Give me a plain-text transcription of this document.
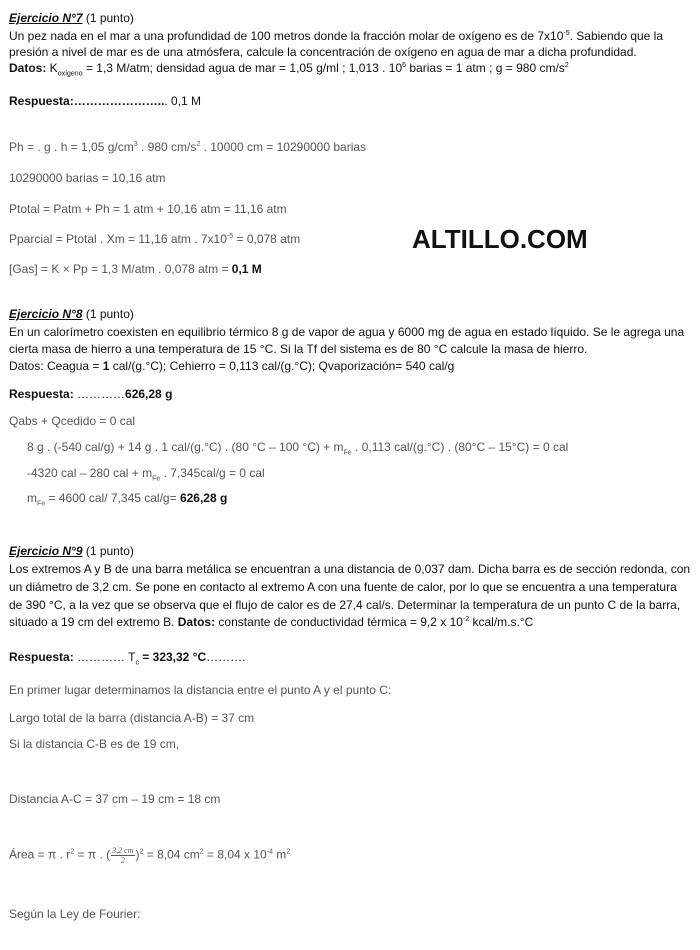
ALTILLO.COM
Ejercicio N°7 (1 punto)
Un pez nada en el mar a una profundidad de 100 metros donde la fracción molar de oxígeno es de $7x10^{-5}$. Sabiendo que la
presión a nivel de mar es de una atmósfera, calcule la concentración de oxígeno en agua de mar a dicha profundidad.
Datos: $K_{oxígeno} = 1,3$ M/atm; densidad agua de mar = 1,05 g/ml ; 1,013 . $10^6$ barias = 1 atm ; g = 980 $cm/s^2$
Respuesta:…………………... 0,1 M
Ph = . g . h = 1,05 $g/cm^3$ . 980 $cm/s^2$ . 10000 cm = 10290000 barias
10290000 barias = 10,16 atm
Ptotal = Patm + Ph = 1 atm + 10,16 atm = 11,16 atm
Pparcial = Ptotal . Xm = 11,16 atm . $7x10^{-5} = 0,078$ atm
[Gas] = K × Pp = 1,3 M/atm . 0,078 atm = 0,1 M
Ejercicio N°8 (1 punto)
En un calorímetro coexisten en equilibrio térmico 8 g de vapor de agua y 6000 mg de agua en estado líquido. Se le agrega una
cierta masa de hierro a una temperatura de 15 °C. Si la Tf del sistema es de 80 °C calcule la masa de hierro.
Datos: Ceagua = 1 cal/(g.°C); Cehierro = 0,113 cal/(g.°C); Qvaporización= 540 cal/g
Respuesta: …………626,28 g
Qabs + Qcedido = 0 cal
8 g . (-540 cal/g) + 14 g . 1 cal/(g.°C) . (80 °C – 100 $^\circ C) + m_{Fe}$ . 0,113 cal/(g.°C) . (80°C – 15°C) = 0 cal
-4320 cal – 280 cal + $m_{Fe}$ . 7,345cal/g = 0 cal
$m_{Fe} = 4600$ cal/ 7,345 cal/g= 626,28 g
Ejercicio N°9 (1 punto)
Los extremos A y B de una barra metálica se encuentran a una distancia de 0,037 dam. Dicha barra es de sección redonda, con
un diámetro de 3,2 cm. Se pone en contacto al extremo A con una fuente de calor, por lo que se encuentra a una temperatura
de 390 °C, a la vez que se observa que el flujo de calor es de 27,4 cal/s. Determinar la temperatura de un punto C de la barra,
situado a 19 cm del extremo B. Datos: constante de conductividad térmica = 9,2 x $10^{-2}$ kcal/m.s.°C
Respuesta: ………… $T_c = 323,32$ °C……….
En primer lugar determinamos la distancia entre el punto A y el punto C:
Largo total de la barra (distancia A-B) = 37 cm
Si la distancia C-B es de 19 cm,
Distancia A-C = 37 cm – 19 cm = 18 cm
Área = π . $r^2 = \pi$ . ( $\frac{3,2 cm}{2} )^2 = 8,04$ $cm^2 = 8,04$ x $10^{-4}$ $m^2$
Según la Ley de Fourier:
